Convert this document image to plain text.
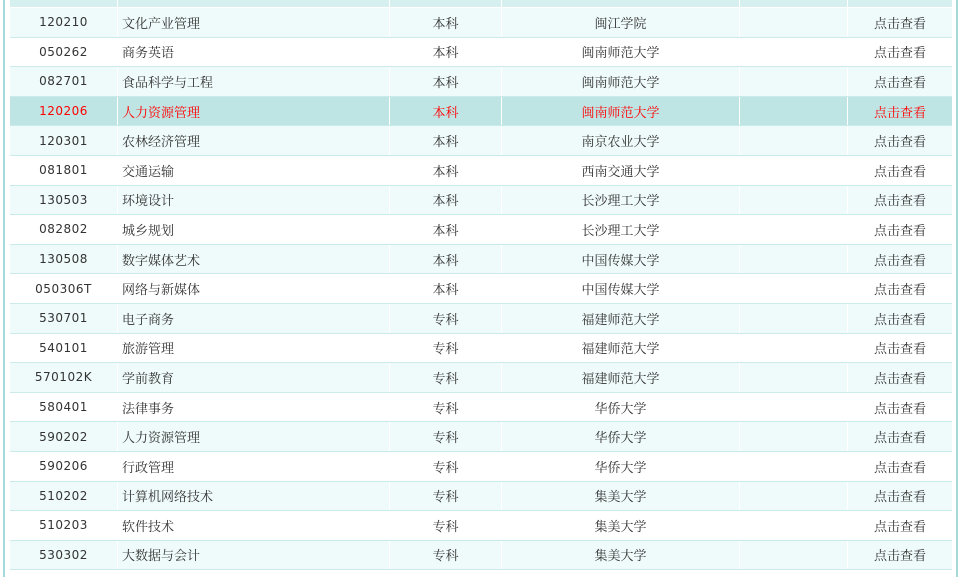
120210	文化产业管理	本科	闽江学院	点击查看
050262	商务英语	本科	闽南师范大学	点击查看
082701	食品科学与工程	本科	闽南师范大学	点击查看
120206	人力资源管理	本科	闽南师范大学	点击查看
120301	农林经济管理	本科	南京农业大学	点击查看
081801	交通运输	本科	西南交通大学	点击查看
130503	环境设计	本科	长沙理工大学	点击查看
082802	城乡规划	本科	长沙理工大学	点击查看
130508	数字媒体艺术	本科	中国传媒大学	点击查看
050306T	网络与新媒体	本科	中国传媒大学	点击查看
530701	电子商务	专科	福建师范大学	点击查看
540101	旅游管理	专科	福建师范大学	点击查看
570102K	学前教育	专科	福建师范大学	点击查看
580401	法律事务	专科	华侨大学	点击查看
590202	人力资源管理	专科	华侨大学	点击查看
590206	行政管理	专科	华侨大学	点击查看
510202	计算机网络技术	专科	集美大学	点击查看
510203	软件技术	专科	集美大学	点击查看
530302	大数据与会计	专科	集美大学	点击查看
